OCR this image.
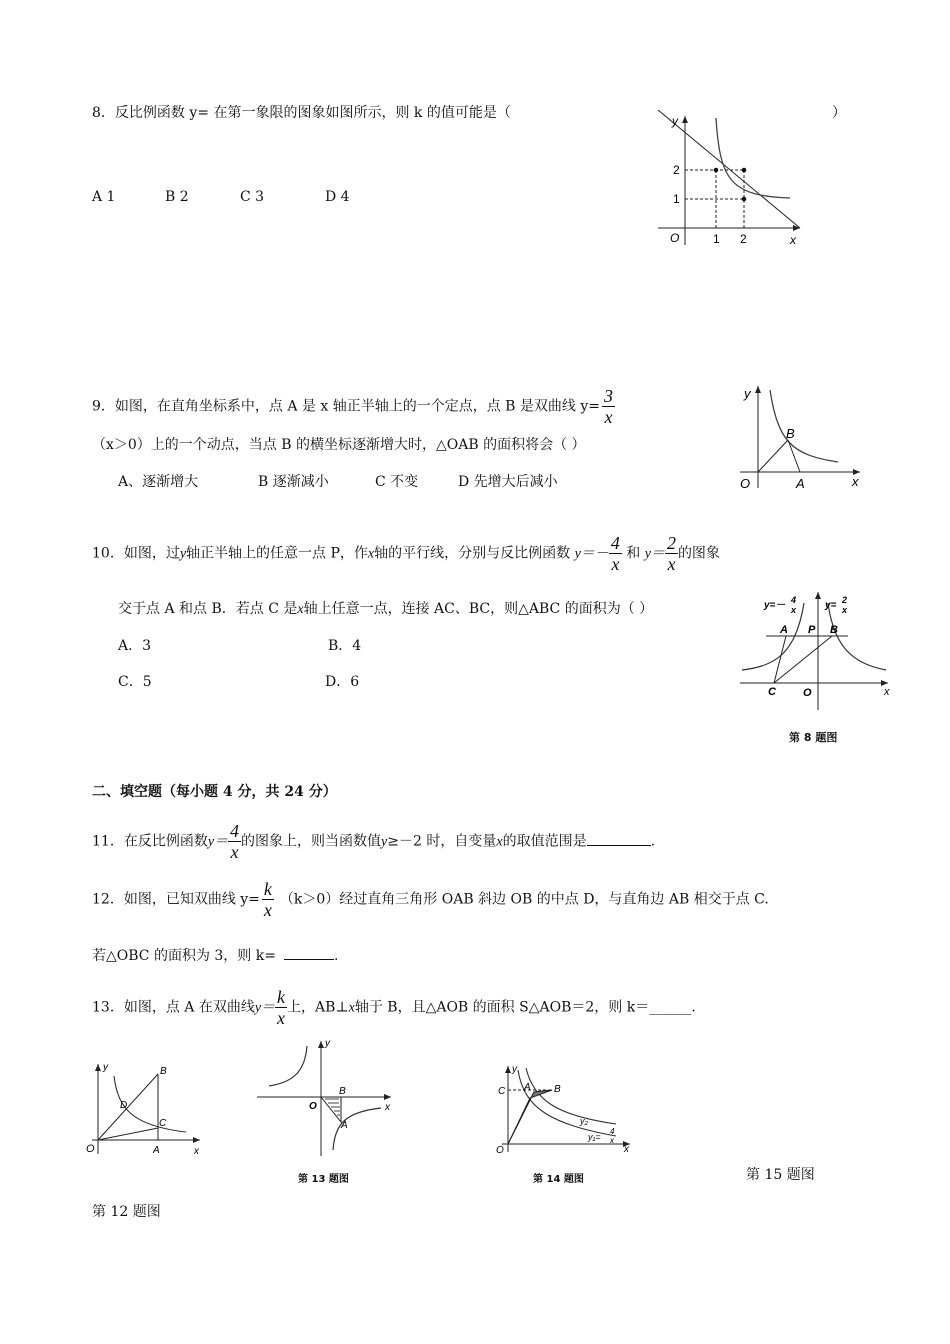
8．反比例函数 y= 在第一象限的图象如图所示，则 k 的值可能是（	）
A 1	B 2	C 3	D 4
y
x
O	1 2
2
1
9．如图，在直角坐标系中，点 A 是 x 轴正半轴上的一个定点，点 B 是双曲线 $y= \frac{3}{x}$
（x＞0）上的一个动点，当点 B 的横坐标逐渐增大时，△OAB 的面积将会（ ）
A、逐渐增大	B 逐渐减小	C 不变	D 先增大后减小
y
x
O	A
B
10．如图，过y轴正半轴上的任意一点 P，作x轴的平行线，分别与反比例函数 $y=- \frac{4}{x}$ 和 $y= \frac{2}{x}$ 的图象
交于点 A 和点 B．若点 C 是x轴上任意一点，连接 AC、BC，则△ABC 的面积为（ ）
A．3	B．4
C．5	D．6
y=－ 4
x	y= 2
x
A P B
C O	x
第 8 题图
二、填空题（每小题 4 分，共 24 分）
11．在反比例函数$y= \frac{4}{x}$ 的图象上，则当函数值y≥－2 时，自变量x的取值范围是	.
12．如图，已知双曲线 $y= \frac{k}{x} (k>0)$经过直角三角形 OAB 斜边 OB 的中点 D，与直角边 AB 相交于点 C.
若△OBC 的面积为 3，则 k=	.
13．如图，点 A 在双曲线$y= \frac{k}{x}$ 上，AB⊥x轴于 B，且△AOB 的面积 S△AOB＝2，则 k＝______.
y
x
O	A
B
C
D
第 12 题图
y
x
O
B
A
第 13 题图
y
x
O
C A B
y₂
y₁=
4
x
第 14 题图	第 15 题图
